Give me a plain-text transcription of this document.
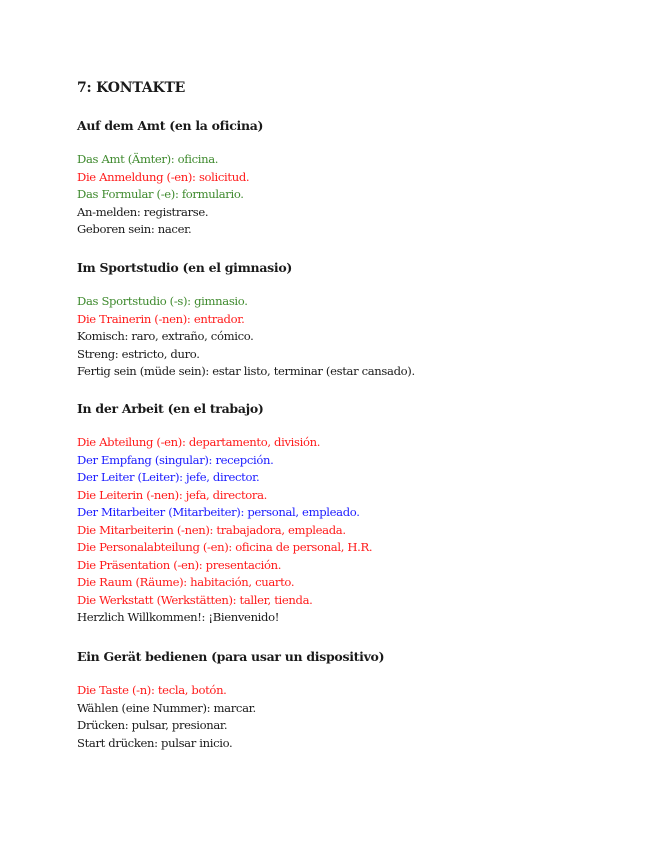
7: KONTAKTE
Auf dem Amt (en la oficina)
Das Amt (Ämter): oficina.
Die Anmeldung (-en): solicitud.
Das Formular (-e): formulario.
An-melden: registrarse.
Geboren sein: nacer.
Im Sportstudio (en el gimnasio)
Das Sportstudio (-s): gimnasio.
Die Trainerin (-nen): entrador.
Komisch: raro, extraño, cómico.
Streng: estricto, duro.
Fertig sein (müde sein): estar listo, terminar (estar cansado).
In der Arbeit (en el trabajo)
Die Abteilung (-en): departamento, división.
Der Empfang (singular): recepción.
Der Leiter (Leiter): jefe, director.
Die Leiterin (-nen): jefa, directora.
Der Mitarbeiter (Mitarbeiter): personal, empleado.
Die Mitarbeiterin (-nen): trabajadora, empleada.
Die Personalabteilung (-en): oficina de personal, H.R.
Die Präsentation (-en): presentación.
Die Raum (Räume): habitación, cuarto.
Die Werkstatt (Werkstätten): taller, tienda.
Herzlich Willkommen!: ¡Bienvenido!
Ein Gerät bedienen (para usar un dispositivo)
Die Taste (-n): tecla, botón.
Wählen (eine Nummer): marcar.
Drücken: pulsar, presionar.
Start drücken: pulsar inicio.
